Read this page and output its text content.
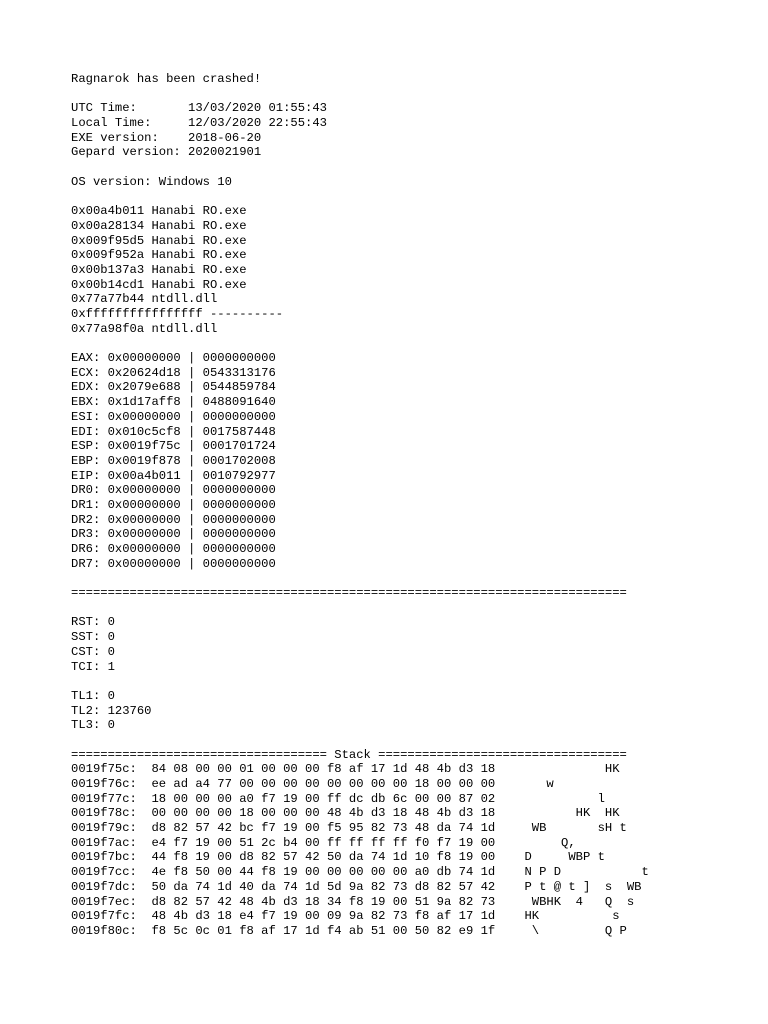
Ragnarok has been crashed!
UTC Time:       13/03/2020 01:55:43
Local Time:     12/03/2020 22:55:43
EXE version:    2018-06-20
Gepard version: 2020021901
OS version: Windows 10
0x00a4b011 Hanabi RO.exe
0x00a28134 Hanabi RO.exe
0x009f95d5 Hanabi RO.exe
0x009f952a Hanabi RO.exe
0x00b137a3 Hanabi RO.exe
0x00b14cd1 Hanabi RO.exe
0x77a77b44 ntdll.dll
0xffffffffffffffff ----------
0x77a98f0a ntdll.dll
EAX: 0x00000000 | 0000000000
ECX: 0x20624d18 | 0543313176
EDX: 0x2079e688 | 0544859784
EBX: 0x1d17aff8 | 0488091640
ESI: 0x00000000 | 0000000000
EDI: 0x010c5cf8 | 0017587448
ESP: 0x0019f75c | 0001701724
EBP: 0x0019f878 | 0001702008
EIP: 0x00a4b011 | 0010792977
DR0: 0x00000000 | 0000000000
DR1: 0x00000000 | 0000000000
DR2: 0x00000000 | 0000000000
DR3: 0x00000000 | 0000000000
DR6: 0x00000000 | 0000000000
DR7: 0x00000000 | 0000000000
============================================================================
RST: 0
SST: 0
CST: 0
TCI: 1
TL1: 0
TL2: 123760
TL3: 0
=================================== Stack ==================================
0019f75c:  84 08 00 00 01 00 00 00 f8 af 17 1d 48 4b d3 18               HK
0019f76c:  ee ad a4 77 00 00 00 00 00 00 00 00 18 00 00 00       w
0019f77c:  18 00 00 00 a0 f7 19 00 ff dc db 6c 00 00 87 02              l
0019f78c:  00 00 00 00 18 00 00 00 48 4b d3 18 48 4b d3 18           HK  HK
0019f79c:  d8 82 57 42 bc f7 19 00 f5 95 82 73 48 da 74 1d     WB       sH t
0019f7ac:  e4 f7 19 00 51 2c b4 00 ff ff ff ff f0 f7 19 00         Q,
0019f7bc:  44 f8 19 00 d8 82 57 42 50 da 74 1d 10 f8 19 00    D     WBP t
0019f7cc:  4e f8 50 00 44 f8 19 00 00 00 00 00 a0 db 74 1d    N P D           t
0019f7dc:  50 da 74 1d 40 da 74 1d 5d 9a 82 73 d8 82 57 42    P t @ t ]  s  WB
0019f7ec:  d8 82 57 42 48 4b d3 18 34 f8 19 00 51 9a 82 73     WBHK  4   Q  s
0019f7fc:  48 4b d3 18 e4 f7 19 00 09 9a 82 73 f8 af 17 1d    HK          s
0019f80c:  f8 5c 0c 01 f8 af 17 1d f4 ab 51 00 50 82 e9 1f     \         Q P
